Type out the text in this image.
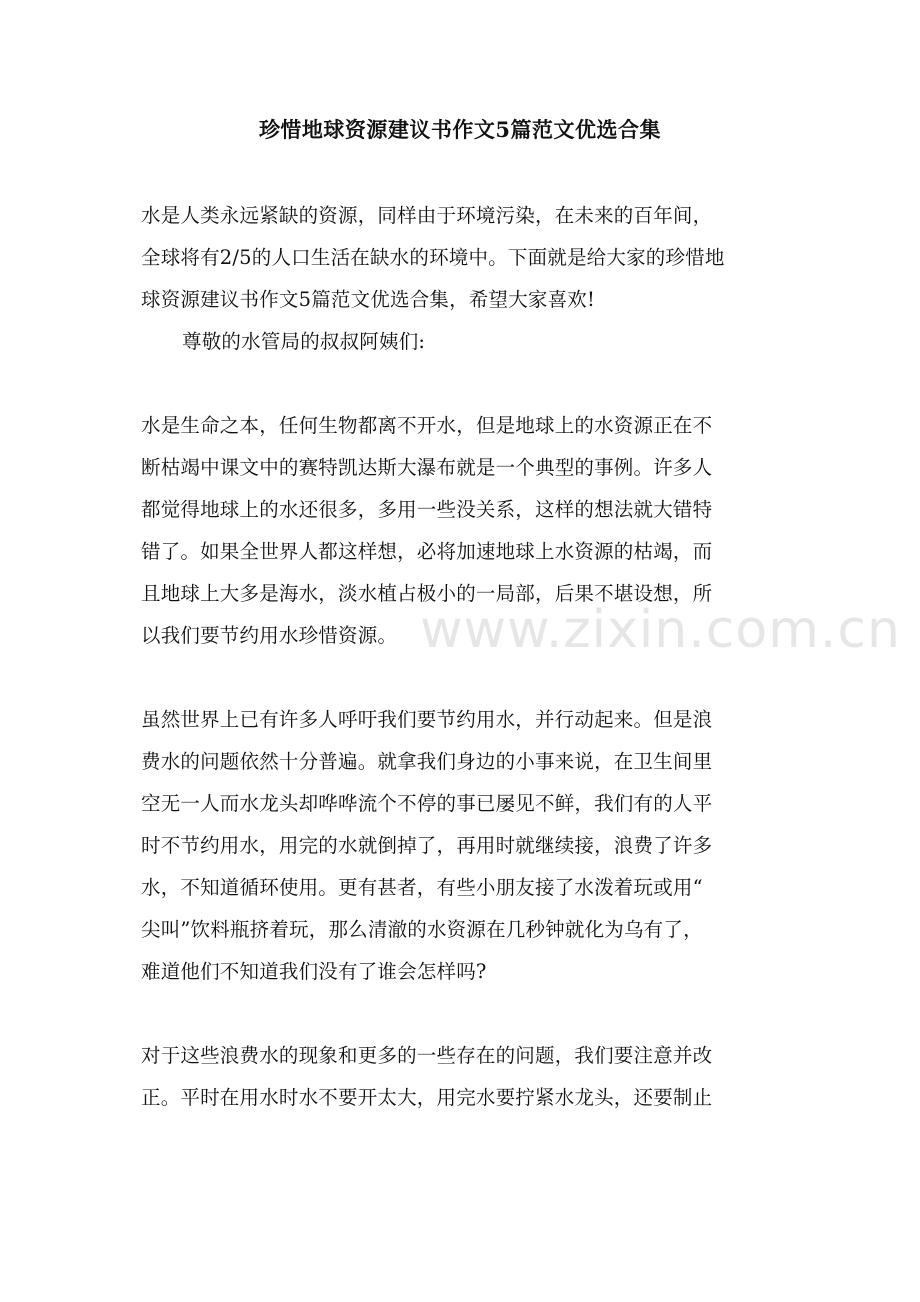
珍惜地球资源建议书作文5篇范文优选合集
水是人类永远紧缺的资源，同样由于环境污染，在未来的百年间，
全球将有2/5的人口生活在缺水的环境中。下面就是给大家的珍惜地
球资源建议书作文5篇范文优选合集，希望大家喜欢!
尊敬的水管局的叔叔阿姨们:
水是生命之本，任何生物都离不开水，但是地球上的水资源正在不
断枯竭中课文中的赛特凯达斯大瀑布就是一个典型的事例。许多人
都觉得地球上的水还很多，多用一些没关系，这样的想法就大错特
错了。如果全世界人都这样想，必将加速地球上水资源的枯竭，而
且地球上大多是海水，淡水植占极小的一局部，后果不堪设想，所
以我们要节约用水珍惜资源。
虽然世界上已有许多人呼吁我们要节约用水，并行动起来。但是浪
费水的问题依然十分普遍。就拿我们身边的小事来说，在卫生间里
空无一人而水龙头却哗哗流个不停的事已屡见不鲜，我们有的人平
时不节约用水，用完的水就倒掉了，再用时就继续接，浪费了许多
水，不知道循环使用。更有甚者，有些小朋友接了水泼着玩或用“
尖叫”饮料瓶挤着玩，那么清澈的水资源在几秒钟就化为乌有了，
难道他们不知道我们没有了谁会怎样吗?
对于这些浪费水的现象和更多的一些存在的问题，我们要注意并改
正。平时在用水时水不要开太大，用完水要拧紧水龙头，还要制止
www.zixin.com.cn
